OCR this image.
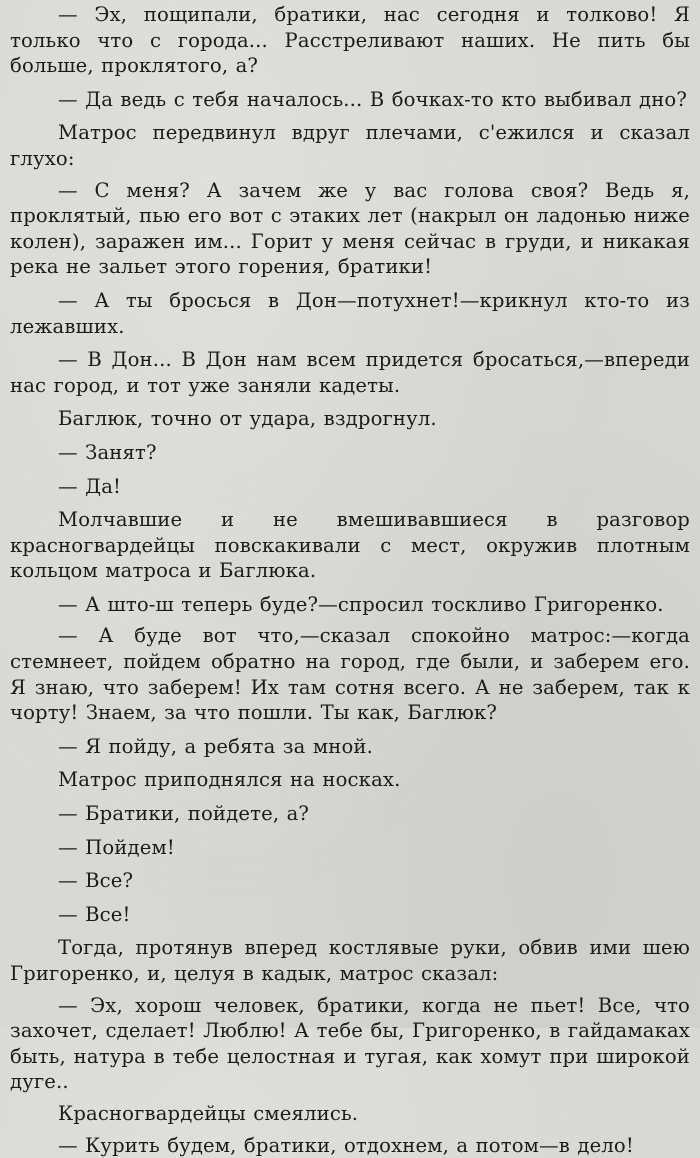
— Эх, пощипали, братики, нас сегодня и толково! Я только что с города... Расстреливают наших. Не пить бы больше, проклятого, а?

— Да ведь с тебя началось... В бочках-то кто выбивал дно?

Матрос передвинул вдруг плечами, с'ежился и сказал глухо:

— С меня? А зачем же у вас голова своя? Ведь я, проклятый, пью его вот с этаких лет (накрыл он ладонью ниже колен), заражен им... Горит у меня сейчас в груди, и никакая река не зальет этого горения, братики!

— А ты бросься в Дон—потухнет!—крикнул кто-то из лежавших.

— В Дон... В Дон нам всем придется бросаться,—впереди нас город, и тот уже заняли кадеты.

Баглюк, точно от удара, вздрогнул.

— Занят?

— Да!

Молчавшие и не вмешивавшиеся в разговор красногвардейцы повскакивали с мест, окружив плотным кольцом матроса и Баглюка.

— А што-ш теперь буде?—спросил тоскливо Григоренко.

— А буде вот что,—сказал спокойно матрос:—когда стемнеет, пойдем обратно на город, где были, и заберем его. Я знаю, что заберем! Их там сотня всего. А не заберем, так к чорту! Знаем, за что пошли. Ты как, Баглюк?

— Я пойду, а ребята за мной.

Матрос приподнялся на носках.

— Братики, пойдете, а?

— Пойдем!

— Все?

— Все!

Тогда, протянув вперед костлявые руки, обвив ими шею Григоренко, и, целуя в кадык, матрос сказал:

— Эх, хорош человек, братики, когда не пьет! Все, что захочет, сделает! Люблю! А тебе бы, Григоренко, в гайдамаках быть, натура в тебе целостная и тугая, как хомут при широкой дуге..

Красногвардейцы смеялись.

— Курить будем, братики, отдохнем, а потом—в дело!
